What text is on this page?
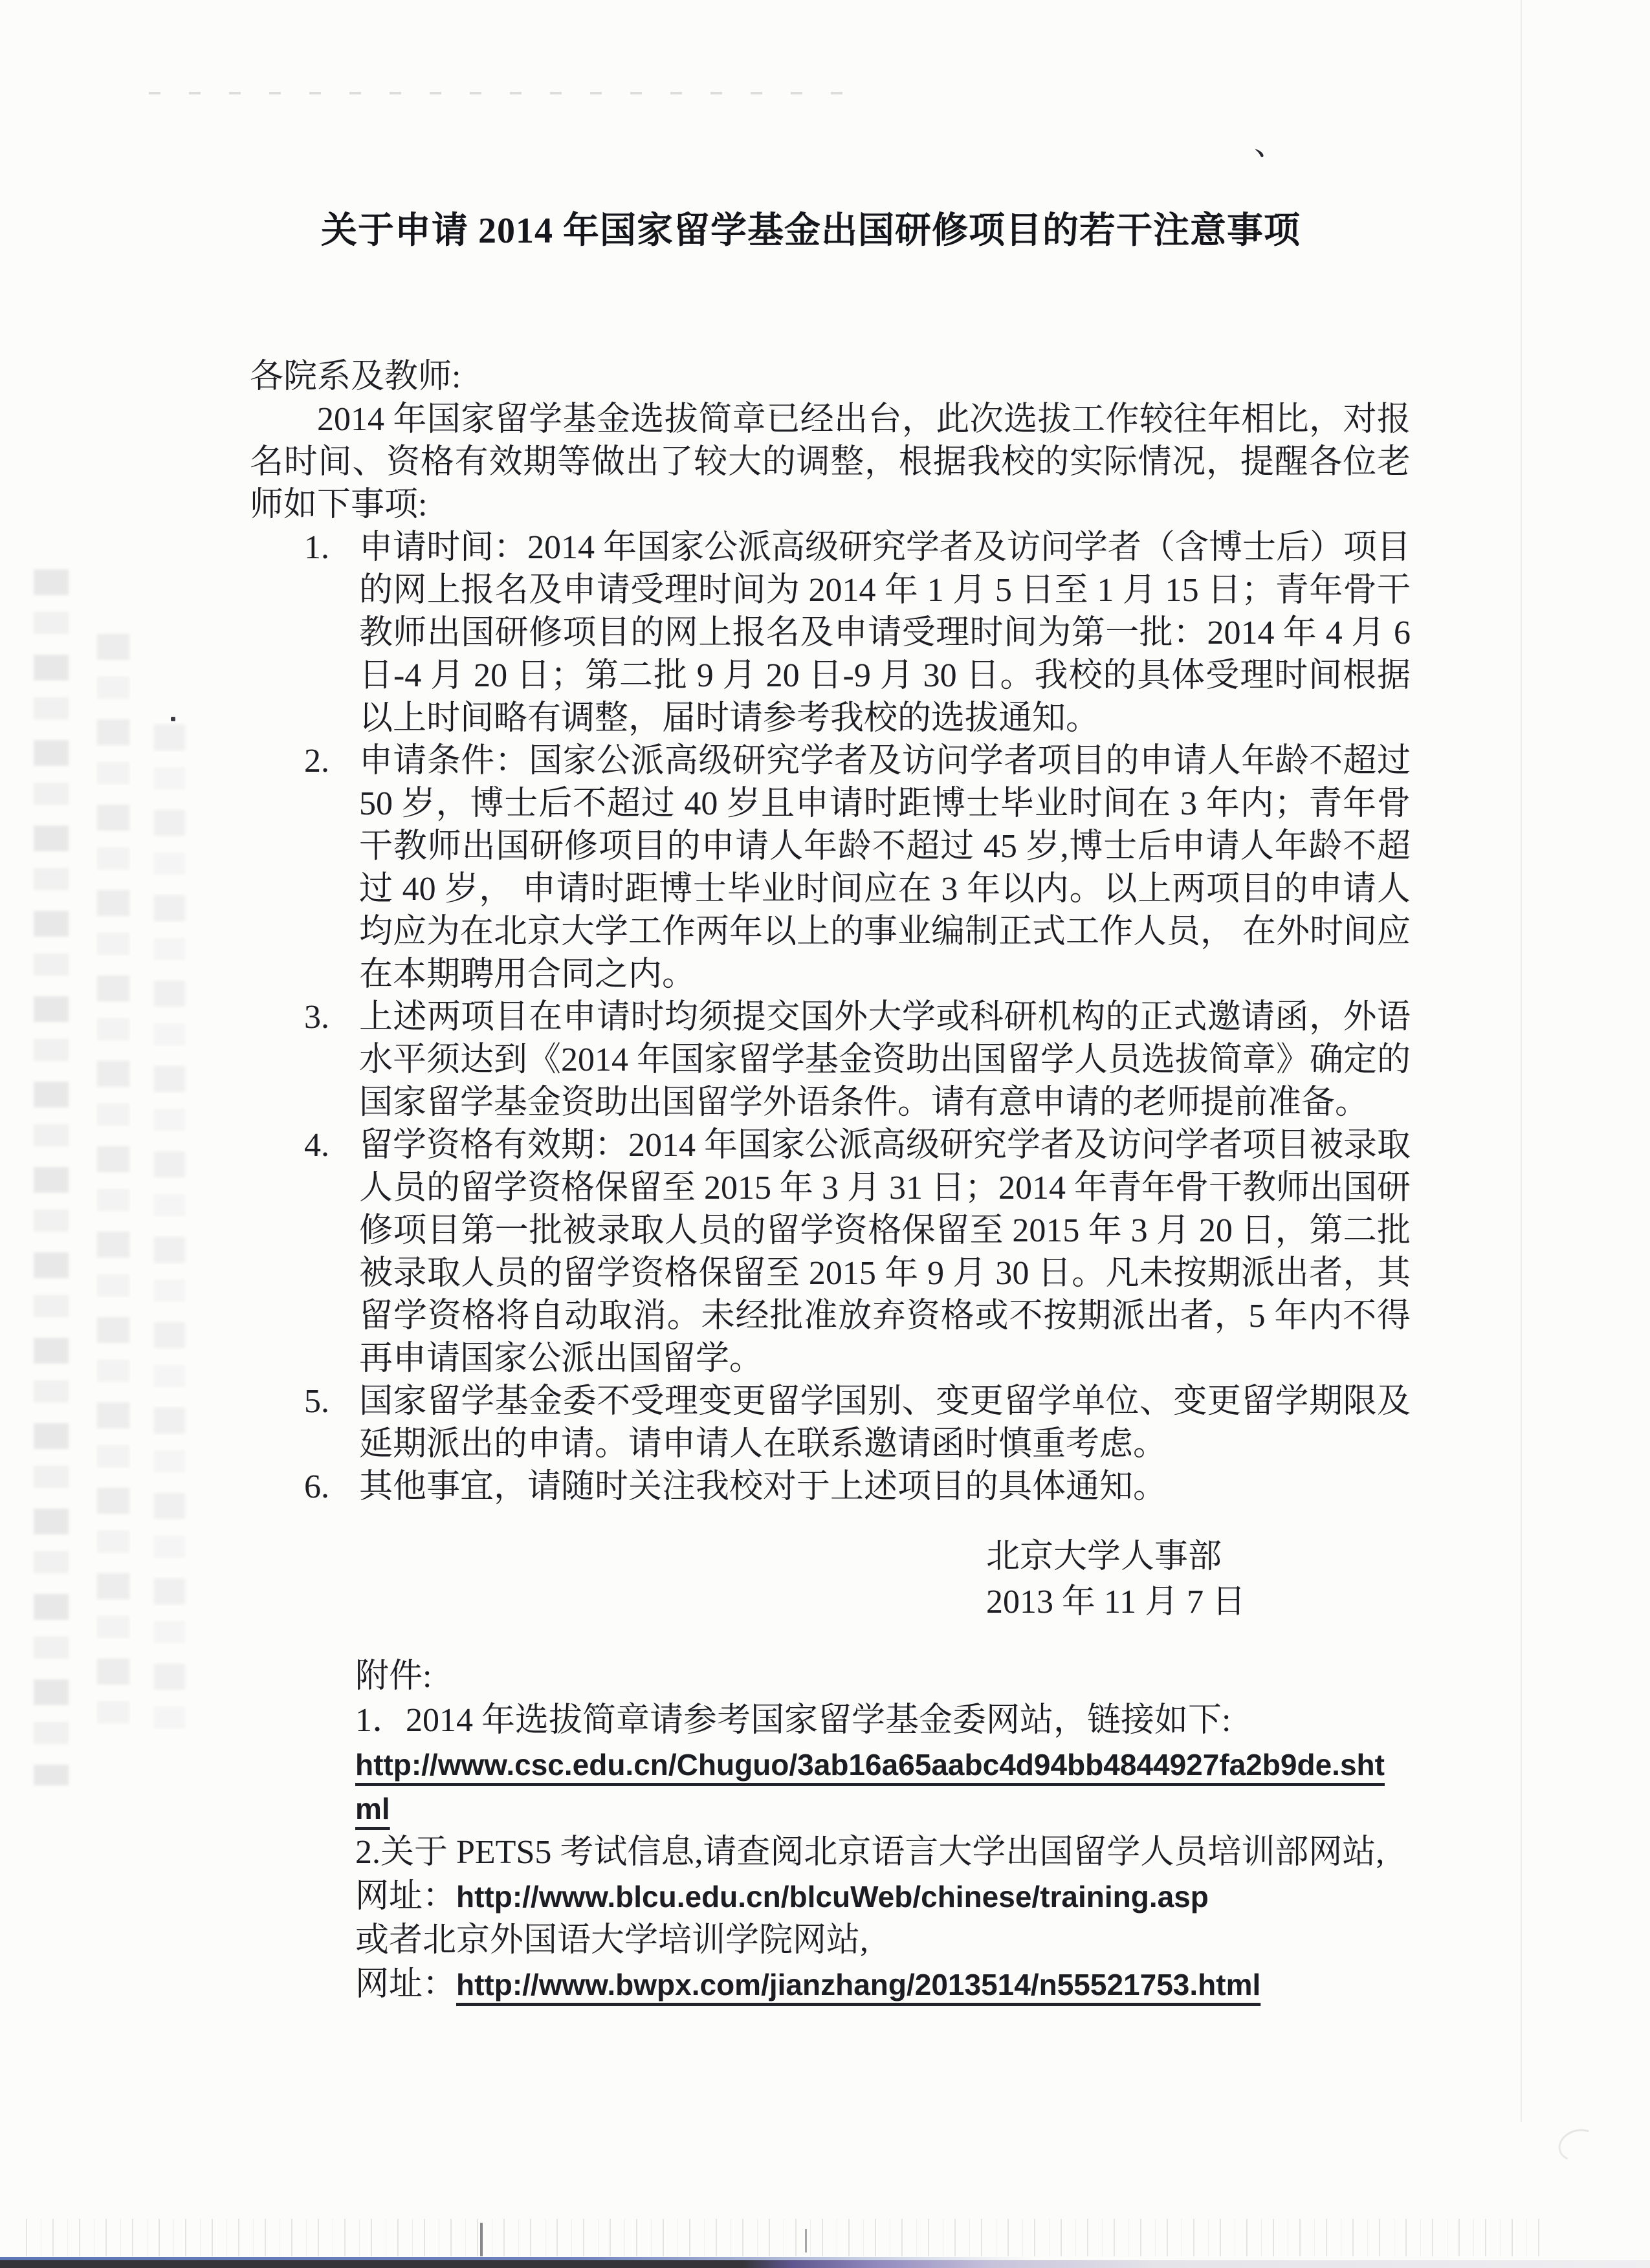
、
关于申请 2014 年国家留学基金出国研修项目的若干注意事项
各院系及教师:
2014 年国家留学基金选拔简章已经出台，此次选拔工作较往年相比，对报名时间、资格有效期等做出了较大的调整，根据我校的实际情况，提醒各位老师如下事项:
1. 申请时间：2014 年国家公派高级研究学者及访问学者（含博士后）项目的网上报名及申请受理时间为 2014 年 1 月 5 日至 1 月 15 日；青年骨干教师出国研修项目的网上报名及申请受理时间为第一批：2014 年 4 月 6 日-4 月 20 日；第二批 9 月 20 日-9 月 30 日。我校的具体受理时间根据以上时间略有调整，届时请参考我校的选拔通知。
2. 申请条件：国家公派高级研究学者及访问学者项目的申请人年龄不超过 50 岁，博士后不超过 40 岁且申请时距博士毕业时间在 3 年内；青年骨干教师出国研修项目的申请人年龄不超过 45 岁,博士后申请人年龄不超过 40 岁， 申请时距博士毕业时间应在 3 年以内。以上两项目的申请人均应为在北京大学工作两年以上的事业编制正式工作人员， 在外时间应在本期聘用合同之内。
3. 上述两项目在申请时均须提交国外大学或科研机构的正式邀请函，外语水平须达到《2014 年国家留学基金资助出国留学人员选拔简章》确定的国家留学基金资助出国留学外语条件。请有意申请的老师提前准备。
4. 留学资格有效期：2014 年国家公派高级研究学者及访问学者项目被录取人员的留学资格保留至 2015 年 3 月 31 日；2014 年青年骨干教师出国研修项目第一批被录取人员的留学资格保留至 2015 年 3 月 20 日，第二批被录取人员的留学资格保留至 2015 年 9 月 30 日。凡未按期派出者，其留学资格将自动取消。未经批准放弃资格或不按期派出者，5 年内不得再申请国家公派出国留学。
5. 国家留学基金委不受理变更留学国别、变更留学单位、变更留学期限及延期派出的申请。请申请人在联系邀请函时慎重考虑。
6. 其他事宜，请随时关注我校对于上述项目的具体通知。
北京大学人事部
2013 年 11 月 7 日
附件:
1．2014 年选拔简章请参考国家留学基金委网站，链接如下:
http://www.csc.edu.cn/Chuguo/3ab16a65aabc4d94bb4844927fa2b9de.shtml
2.关于 PETS5 考试信息,请查阅北京语言大学出国留学人员培训部网站,
网址：http://www.blcu.edu.cn/blcuWeb/chinese/training.asp
或者北京外国语大学培训学院网站,
网址：http://www.bwpx.com/jianzhang/2013514/n55521753.html
